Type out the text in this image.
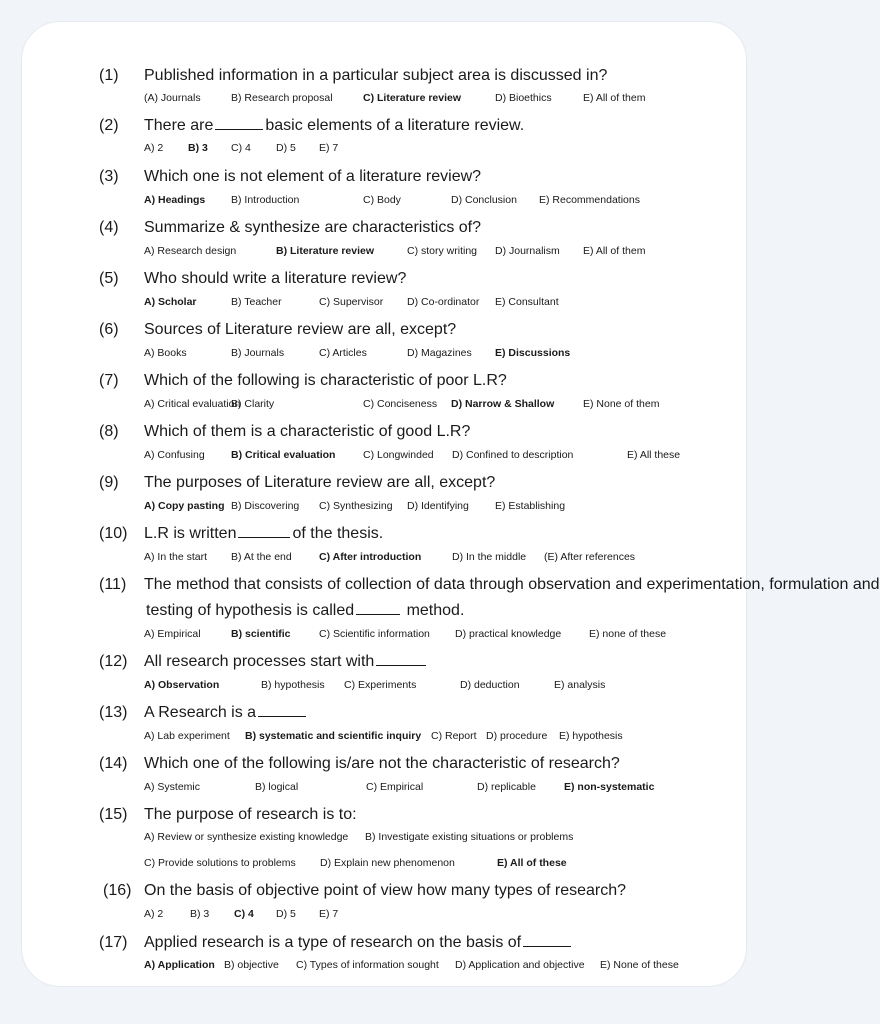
(1) Published information in a particular subject area is discussed in?
(A) Journals	B) Research proposal	C) Literature review	D) Bioethics	E) All of them
(2) There are	basic elements of a literature review.
A) 2 B) 3 C) 4 D) 5 E) 7
(3) Which one is not element of a literature review?
A) Headings B) Introduction	C) Body	D) Conclusion E) Recommendations
(4) Summarize & synthesize are characteristics of?
A) Research design	B) Literature review	C) story writing D) Journalism E) All of them
(5) Who should write a literature review?
A) Scholar	B) Teacher	C) Supervisor D) Co-ordinator E) Consultant
(6) Sources of Literature review are all, except?
A) Books	B) Journals	C) Articles	D) Magazines E) Discussions
(7) Which of the following is characteristic of poor L.R?
A) Critical evaluation
B) Clarity	C) Conciseness D) Narrow & Shallow	E) None of them
(8) Which of them is a characteristic of good L.R?
A) Confusing	B) Critical evaluation	C) Longwinded D) Confined to description	E) All these
(9) The purposes of Literature review are all, except?
A) Copy pasting B) Discovering C) Synthesizing D) Identifying E) Establishing
(10) L.R is written	of the thesis.
A) In the start B) At the end	C) After introduction	D) In the middle (E) After references
(11) The method that consists of collection of data through observation and experimentation, formulation and
testing of hypothesis is called	method.
A) Empirical	B) scientific	C) Scientific information D) practical knowledge	E) none of these
(12) All research processes start with
A) Observation	B) hypothesis C) Experiments	D) deduction	E) analysis
(13) A Research is a
A) Lab experiment B) systematic and scientific inquiry C) Report D) procedure E) hypothesis
(14) Which one of the following is/are not the characteristic of research?
A) Systemic	B) logical	C) Empirical	D) replicable	E) non-systematic
(15) The purpose of research is to:
A) Review or synthesize existing knowledge B) Investigate existing situations or problems
C) Provide solutions to problems D) Explain new phenomenon	E) All of these
(16) On the basis of objective point of view how many types of research?
A) 2	B) 3 C) 4 D) 5 E) 7
(17) Applied research is a type of research on the basis of
A) Application B) objective C) Types of information sought D) Application and objective E) None of these
